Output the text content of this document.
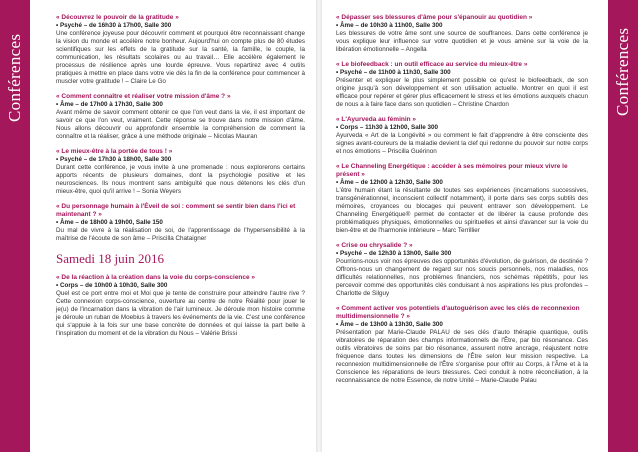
Conférences	Conférences
« Découvrez le pouvoir de la gratitude »
• Psyché – de 16h30 à 17h00, Salle 300
Une conférence joyeuse pour découvrir comment et pourquoi être reconnaissant change la vision du monde et accélère notre bonheur. Aujourd'hui on compte plus de 80 études scientifiques sur les effets de la gratitude sur la santé, la famille, le couple, la communication, les résultats scolaires ou au travail… Elle accélère également le processus de résilience après une lourde épreuve. Vous repartirez avec 4 outils pratiques à mettre en place dans votre vie dès la fin de la conférence pour commencer à muscler votre gratitude ! – Claire Le Go
« Comment connaître et réaliser votre mission d'âme ? »
• Âme – de 17h00 à 17h30, Salle 300
Avant même de savoir comment obtenir ce que l'on veut dans la vie, il est important de savoir ce que l'on veut, vraiment. Cette réponse se trouve dans notre mission d'âme. Nous allons découvrir ou approfondir ensemble la compréhension de comment la connaître et la réaliser, grâce à une méthode originale – Nicolas Mauran
« Le mieux-être à la portée de tous ! »
• Psyché – de 17h30 à 18h00, Salle 300
Durant cette conférence, je vous invite à une promenade : nous explorerons certains apports récents de plusieurs domaines, dont la psychologie positive et les neurosciences. Ils nous montrent sans ambiguïté que nous détenons les clés d'un mieux-être, quoi qu'il arrive ! – Sonia Weyers
« Du personnage humain à l'Éveil de soi : comment se sentir bien dans l'ici et maintenant ? »
• Âme – de 18h00 à 19h00, Salle 150
Du mal de vivre à la réalisation de soi, de l'apprentissage de l'hypersensibilité à la maîtrise de l'écoute de son âme – Priscilla Chataigner
Samedi 18 juin 2016
« De la réaction à la création dans la voie du corps-conscience »
• Corps – de 10h00 à 10h30, Salle 300
Quel est ce port entre moi et Moi que je tente de construire pour atteindre l'autre rive ? Cette connexion corps-conscience, ouverture au centre de notre Réalité pour jouer le je(u) de l'incarnation dans la vibration de l'air lumineux. Je déroule mon histoire comme je déroule un ruban de Moebius à travers les événements de la vie. C'est une conférence qui s'appuie à la fois sur une base concrète de données et qui laisse la part belle à l'inspiration du moment et de la vibration du Nous – Valérie Brissi
« Dépasser ses blessures d'âme pour s'épanouir au quotidien »
• Âme – de 10h30 à 11h00, Salle 300
Les blessures de votre âme sont une source de souffrances. Dans cette conférence je vous explique leur influence sur votre quotidien et je vous amène sur la voie de la libération émotionnelle – Angella
« Le biofeedback : un outil efficace au service du mieux-être »
• Psyché – de 11h00 à 11h30, Salle 300
Présenter et expliquer le plus simplement possible ce qu'est le biofeedback, de son origine jusqu'à son développement et son utilisation actuelle. Montrer en quoi il est efficace pour repérer et gérer plus efficacement le stress et les émotions auxquels chacun de nous a à faire face dans son quotidien – Christine Chardon
« L'Ayurveda au féminin »
• Corps – 11h30 à 12h00, Salle 300
Ayurveda « Art de la Longévité » ou comment le fait d'apprendre à être consciente des signes avant-coureurs de la maladie devient la clef qui redonne du pouvoir sur notre corps et nos émotions – Priscilla Guérinon
« Le Channeling Energétique : accéder à ses mémoires pour mieux vivre le présent »
• Âme – de 12h00 à 12h30, Salle 300
L'être humain étant la résultante de toutes ses expériences (incarnations successives, transgénérationnel, inconscient collectif notamment), il porte dans ses corps subtils des mémoires, croyances ou blocages qui peuvent entraver son développement. Le Channeling Energétique® permet de contacter et de libérer la cause profonde des problématiques physiques, émotionnelles ou spirituelles et ainsi d'avancer sur la voie du bien-être et de l'harmonie intérieure – Marc Terrillier
« Crise ou chrysalide ? »
• Psyché – de 12h30 à 13h00, Salle 300
Pourrions-nous voir nos épreuves des opportunités d'évolution, de guérison, de destinée ? Offrons-nous un changement de regard sur nos soucis personnels, nos maladies, nos difficultés relationnelles, nos problèmes financiers, nos schémas répétitifs, pour les percevoir comme des opportunités clés conduisant à nos aspirations les plus profondes – Charlotte de Silguy
« Comment activer vos potentiels d'autoguérison avec les clés de reconnexion multidimensionnelle ? »
• Âme – de 13h00 à 13h30, Salle 300
Présentation par Marie-Claude PALAU de ses clés d'auto thérapie quantique, outils vibratoires de réparation des champs informationnels de l'Être, par bio résonance. Ces outils vibratoires de soins par bio résonance, assurent notre ancrage, réajustent notre fréquence dans toutes les dimensions de l'Être selon leur mission respective. La reconnexion multidimensionnelle de l'Être s'organise pour offrir au Corps, à l'Âme et à la Conscience les réparations de leurs blessures. Ceci conduit à notre réconciliation, à la reconnaissance de notre Essence, de notre Unité – Marie-Claude Palau
